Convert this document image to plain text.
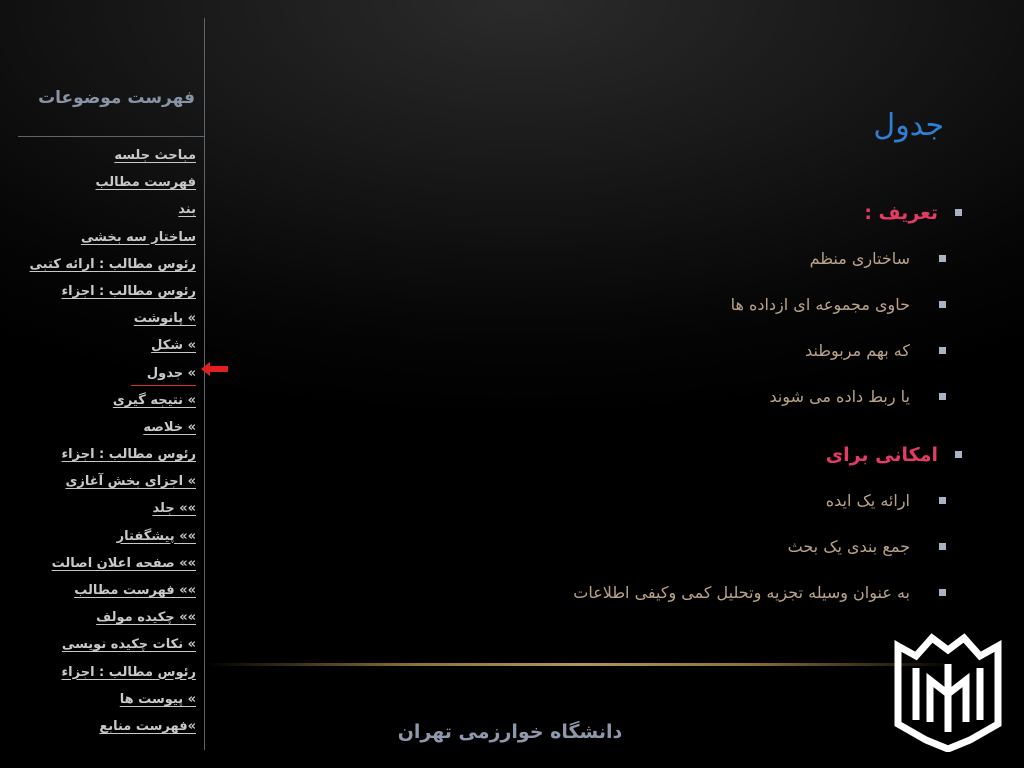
فهرست موضوعات
مباحث جلسه
فهرست مطالب
بند
ساختار سه بخشی
رئوس مطالب : ارائه کتبی
رئوس مطالب : اجزاء
» پانوشت
» شکل
» جدول
» نتیجه گیری
» خلاصه
رئوس مطالب : اجزاء
» اجزای بخش آغازی
»» جلد
»» پیشگفتار
»» صفحه اعلان اصالت
»» فهرست مطالب
»» چکیده مولف
» نکات چکیده نویسی
رئوس مطالب : اجزاء
» پیوست ها
»فهرست منابع
جدول
تعریف :
ساختاری منظم
حاوی مجموعه ای ازداده ها
که بهم مربوطند
یا ربط داده می شوند
امکانی برای
ارائه یک ایده
جمع بندی یک بحث
به عنوان وسیله تجزیه وتحلیل کمی وکیفی اطلاعات
دانشگاه خوارزمی تهران
